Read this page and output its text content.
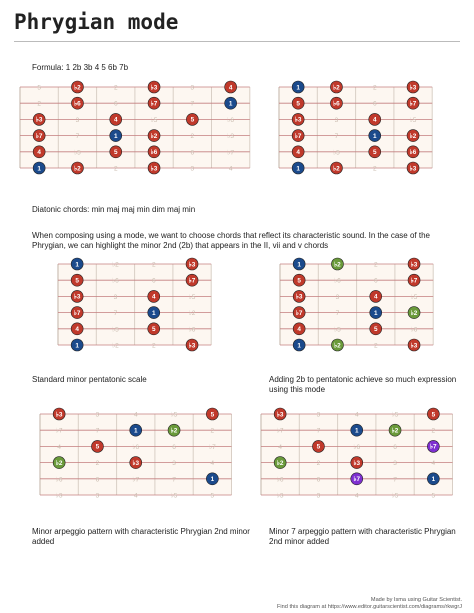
Phrygian mode
Formula: 1 2b 3b 4 5 6b 7b
5	♭2	2	♭3	3	4
2	♭6	6	♭7	7	1
♭3	3	4	♭5	5	♭6
♭7	7	1	♭2	2	♭3
4	♭5	5	♭6	6	♭7
1	♭2	2	♭3	3	4
1	♭2	2	♭3
5	♭6	6	♭7
♭3	3	4	♭5
♭7	7	1	♭2
4	♭5	5	♭6
1	♭2	2	♭3
Diatonic chords: min maj maj min dim maj min
When composing using a mode, we want to choose chords that reflect its characteristic sound. In the case of the Phrygian, we can highlight the minor 2nd (2b) that appears in the II, vii and v chords
1	♭2	2	♭3
5	♭6	6	♭7
♭3	3	4	♭5
♭7	7	1	♭2
4	♭5	5	♭6
1	♭2	2	♭3
1	♭2	2	♭3
5	♭6	6	♭7
♭3	3	4	♭5
♭7	7	1	♭2
4	♭5	5	♭6
1	♭2	2	♭3
Standard minor pentatonic scale	Adding 2b to pentatonic achieve so much expression using this mode
♭3	3	4	♭5	5
♭7	7	1	♭2	2
4	5	♭6	6	♭7
♭2	2	♭3	3	4
♭6	6	♭7	7	1
♭3	3	4	♭5	5
♭3	3	4	♭5	5
♭7	7	1	♭2	2
4	5	♭6	6	♭7
♭2	2	♭3	3	4
♭6	6	♭7	7	1
♭3	3	4	♭5	5
Minor arpeggio pattern with characteristic Phrygian 2nd minor added
Minor 7 arpeggio pattern with characteristic Phrygian 2nd minor added
Made by Isma using Guitar Scientist.
Find this diagram at https://www.editor.guitarscientist.com/diagrams/rkwgrJ
